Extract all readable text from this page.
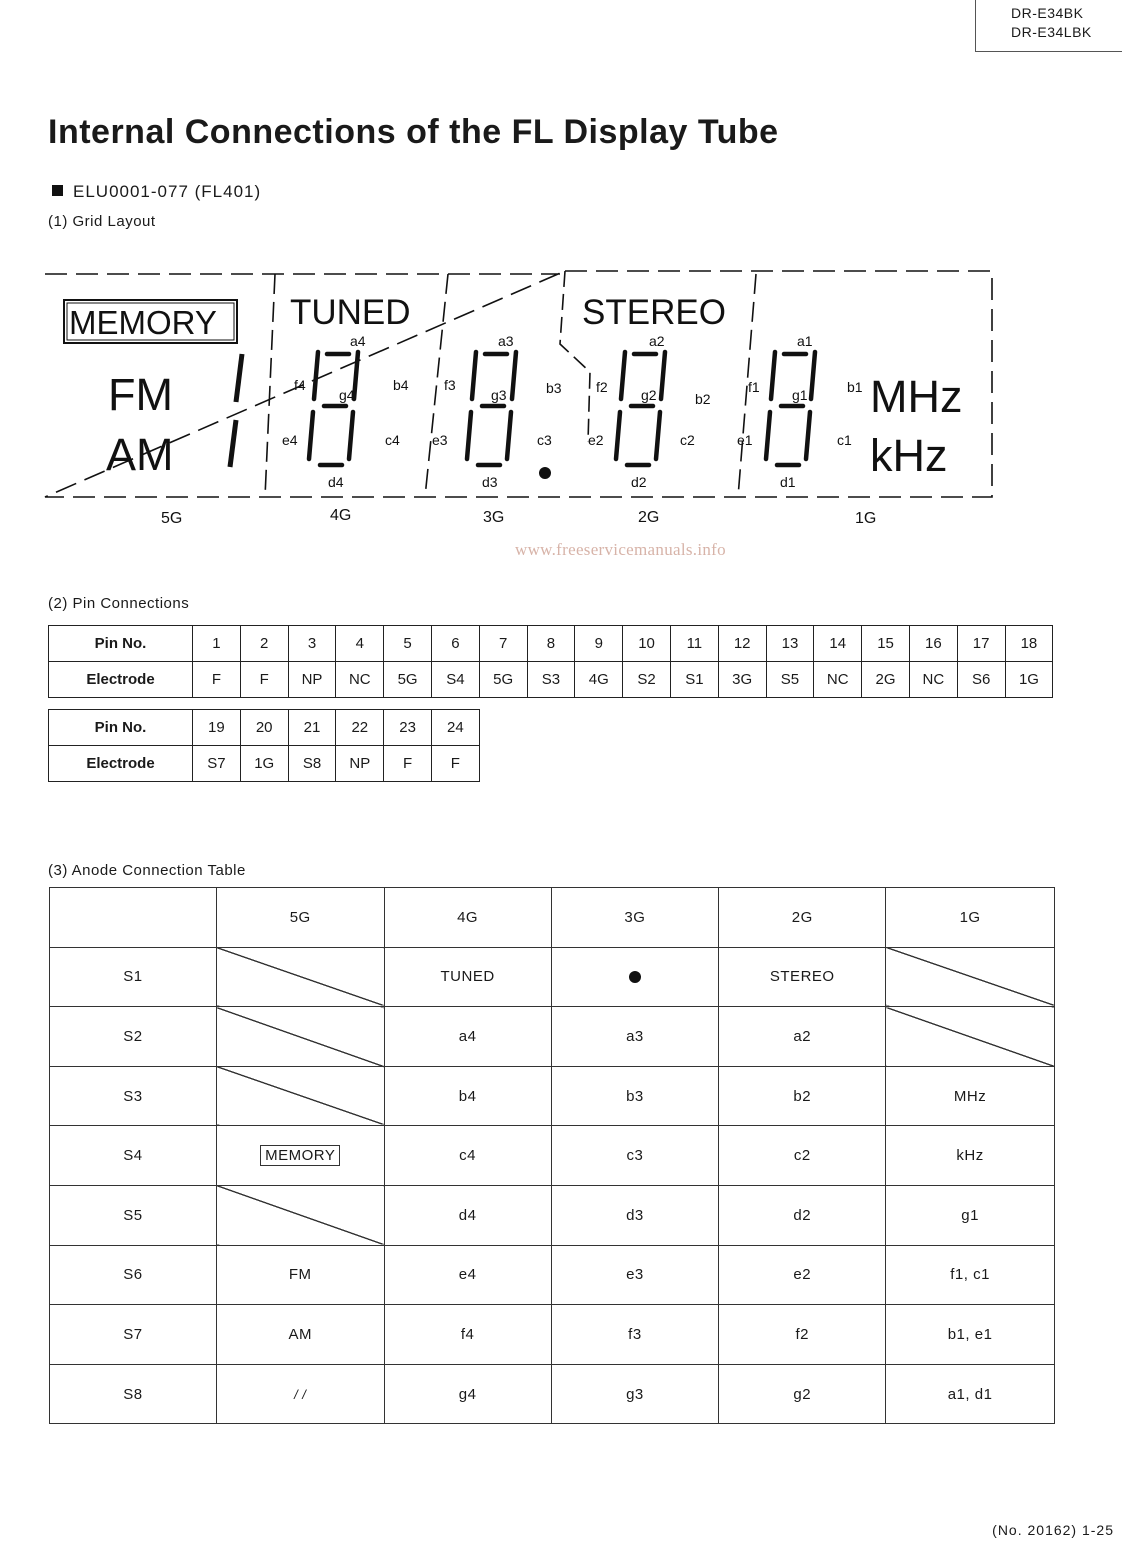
DR-E34BK
DR-E34LBK
Internal Connections of the FL Display Tube
ELU0001-077 (FL401)
(1) Grid Layout
MEMORY TUNED	STEREO
FM
AM
MHz
kHz
a4
b4
c4
d4
e4
f4
g4
a3
b3
c3
d3
e3
f3
g3
a2
b2
c2
d2
e2
f2 g2
a1
b1
c1
d1
e1
f1 g1
5G	4G	3G	2G	1G
www.freeservicemanuals.info
(2) Pin Connections
Pin No.	1	2	3	4	5	6	7	8	9	10	11	12	13	14	15	16	17	18
Electrode	F	F	NP	NC	5G	S4	5G	S3	4G	S2	S1	3G	S5	NC	2G	NC	S6	1G
Pin No.	19	20	21	22	23	24
Electrode	S7	1G	S8	NP	F	F
(3) Anode Connection Table
	5G	4G	3G	2G	1G
S1		TUNED		STEREO	
S2		a4	a3	a2	
S3		b4	b3	b2	MHz
S4	MEMORY	c4	c3	c2	kHz
S5		d4	d3	d2	g1
S6	FM	e4	e3	e2	f1, c1
S7	AM	f4	f3	f2	b1, e1
S8	/ /	g4	g3	g2	a1, d1
(No. 20162) 1-25
